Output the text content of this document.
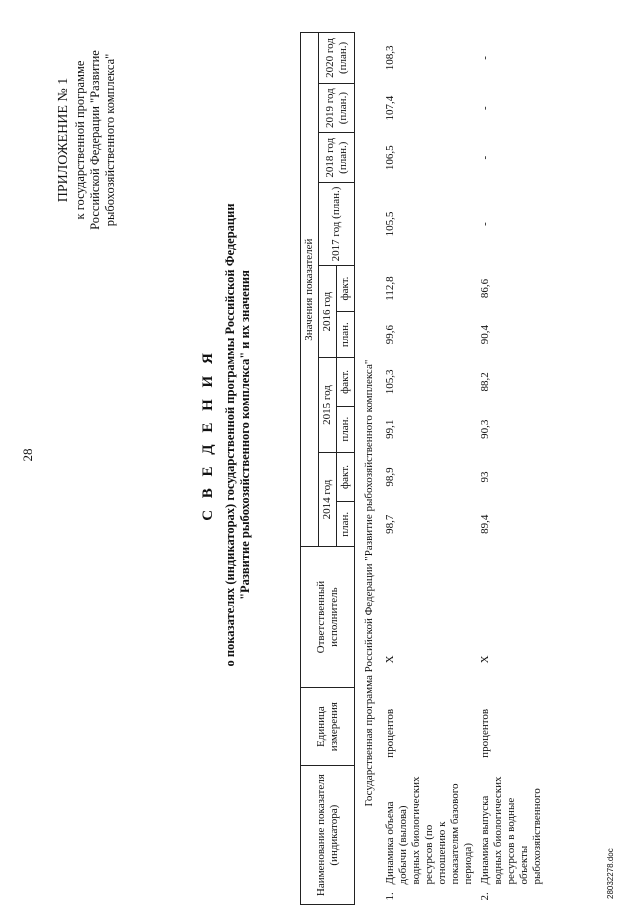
28
ПРИЛОЖЕНИЕ № 1 к государственной программе Российской Федерации "Развитие рыбохозяйственного комплекса"
С В Е Д Е Н И Я о показателях (индикаторах) государственной программы Российской Федерации "Развитие рыбохозяйственного комплекса" и их значения
Наименование показателя (индикатора)	Единица измерения	Ответственный исполнитель	Значения показателей									
			2014 год		2015 год		2016 год		2017 год (план.)	2018 год (план.)	2019 год (план.)	2020 год (план.)
			план.	факт.	план.	факт.	план.	факт.				
Государственная программа Российской Федерации "Развитие рыбохозяйственного комплекса"												

1.
Динамика объема добычи (вылова) водных биологических ресурсов (по отношению к показателям базового периода)	процентов	Х	98,7	98,9	99,1	105,3	99,6	112,8	105,5	106,5	107,4	108,3

2.
Динамика выпуска водных биологических ресурсов в водные объекты рыбохозяйственного	процентов	Х	89,4	93	90,3	88,2	90,4	86,6	-	-	-	-
28032278.doc
